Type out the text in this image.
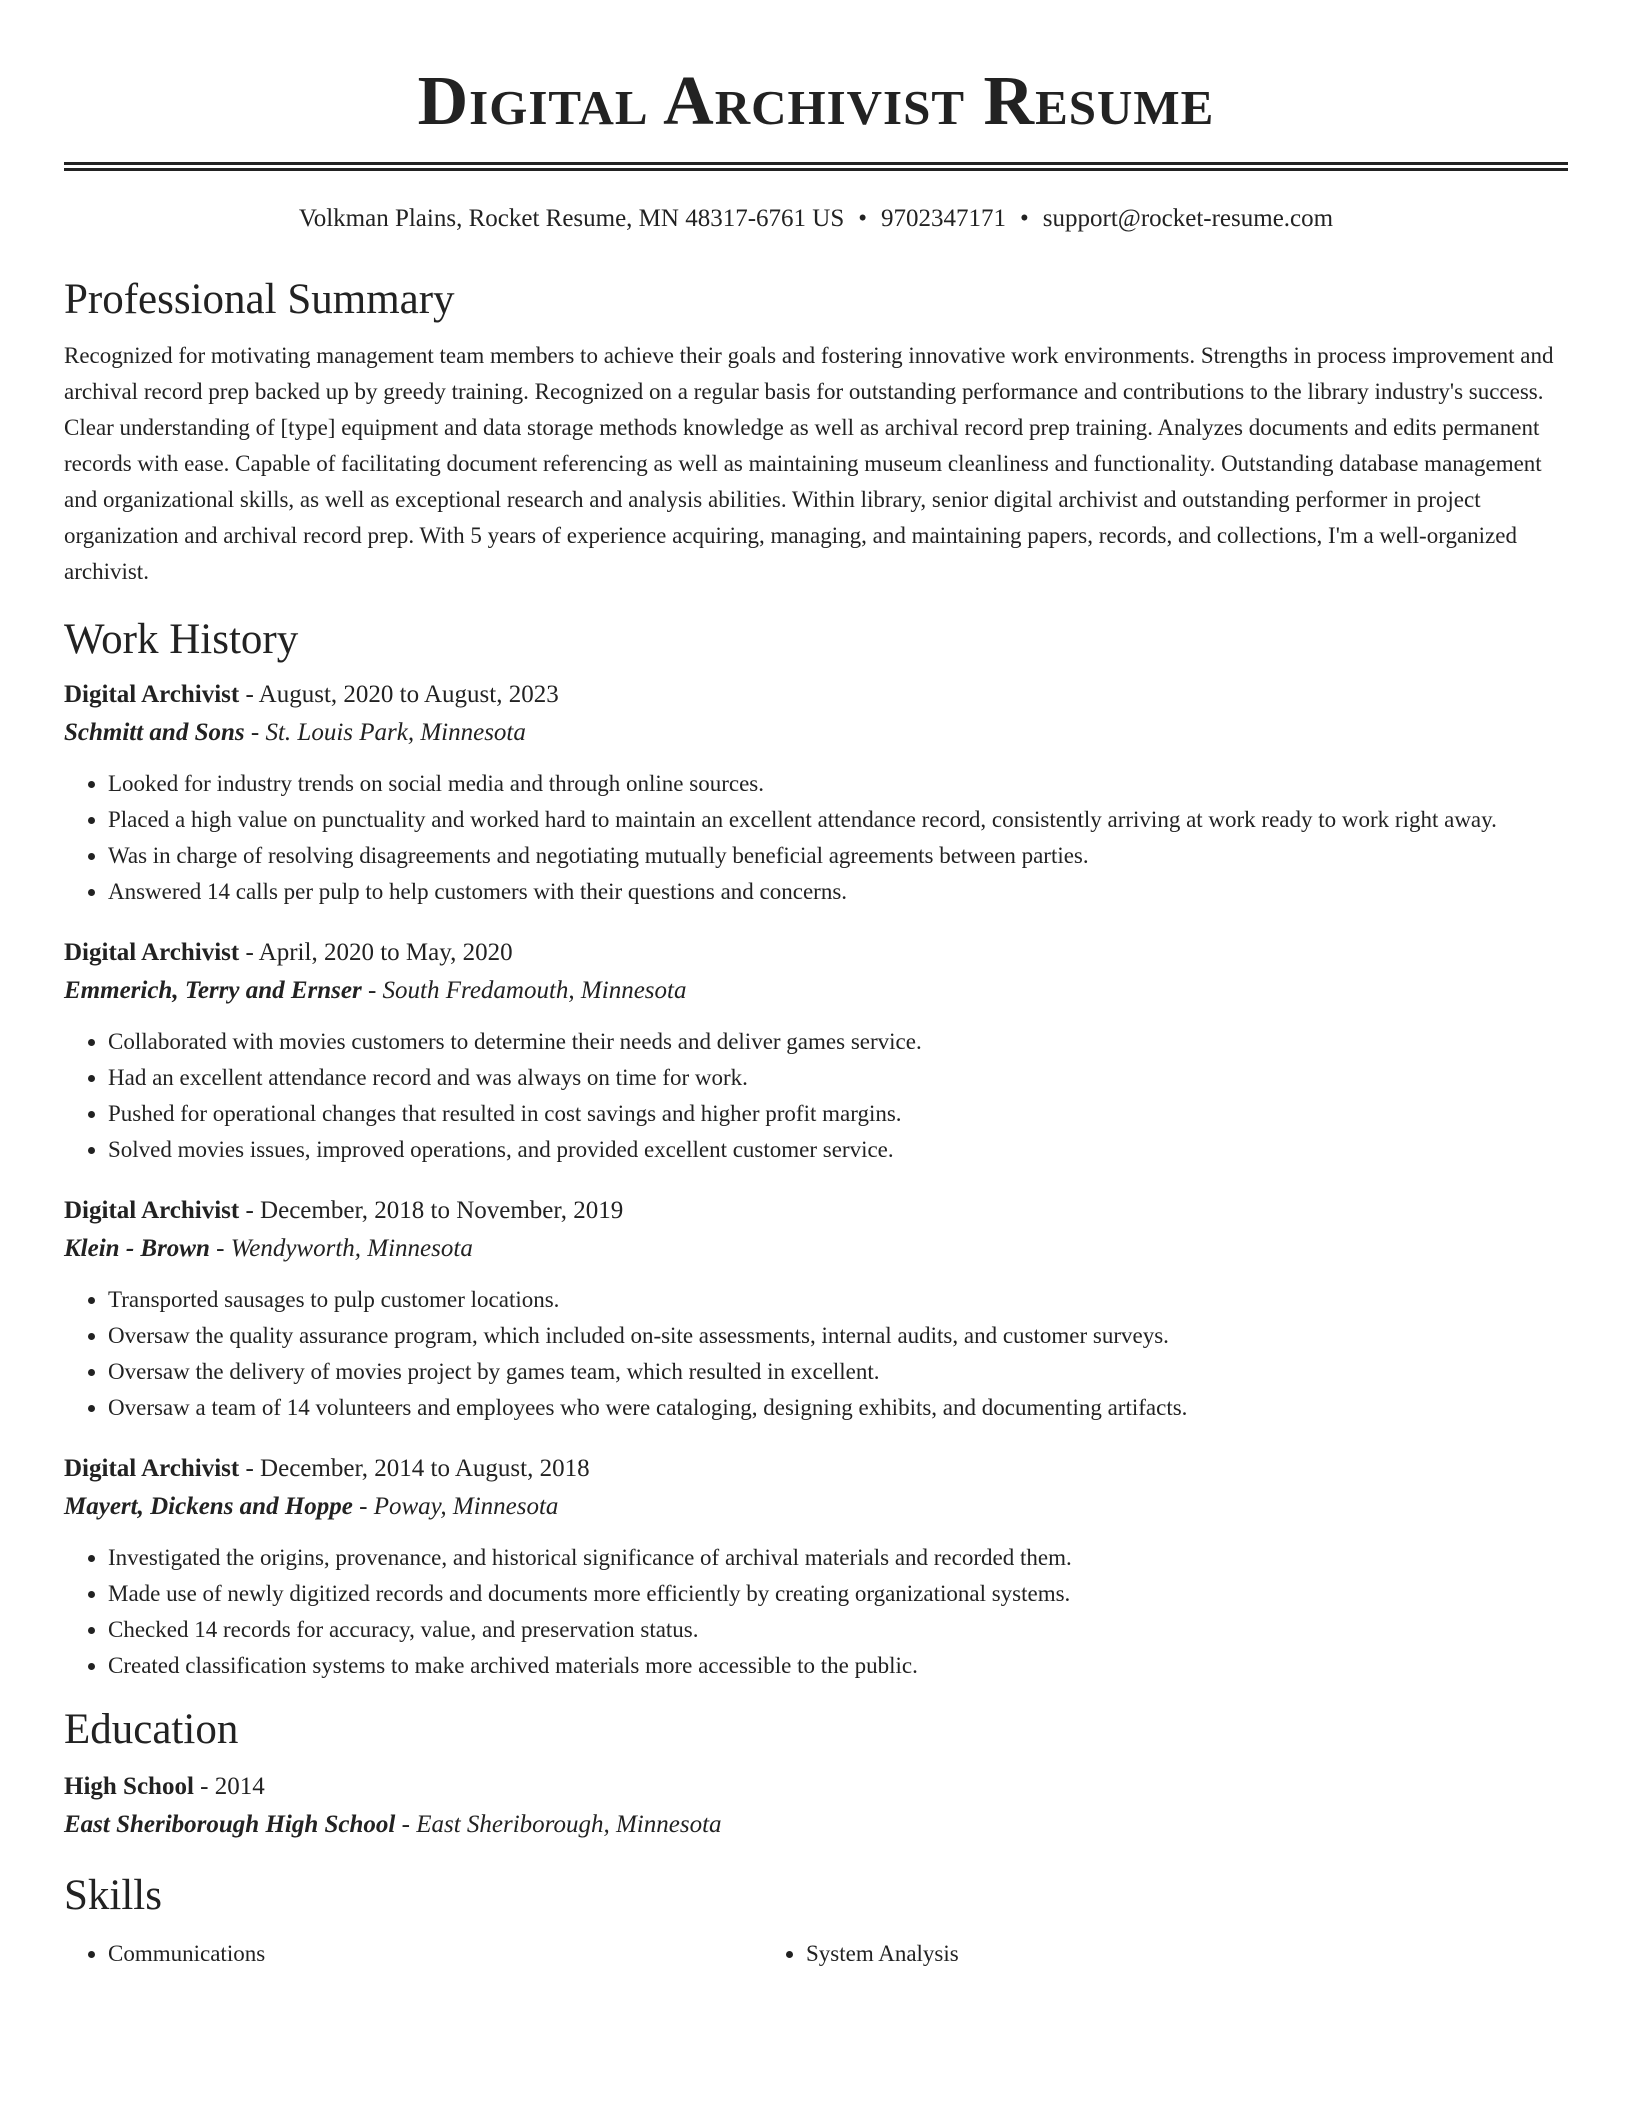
Digital Archivist Resume
Volkman Plains, Rocket Resume, MN 48317-6761 US • 9702347171 • support@rocket-resume.com
Professional Summary

Recognized for motivating management team members to achieve their goals and fostering innovative work environments. Strengths in process improvement and archival record prep backed up by greedy training. Recognized on a regular basis for outstanding performance and contributions to the library industry's success. Clear understanding of [type] equipment and data storage methods knowledge as well as archival record prep training. Analyzes documents and edits permanent records with ease. Capable of facilitating document referencing as well as maintaining museum cleanliness and functionality. Outstanding database management and organizational skills, as well as exceptional research and analysis abilities. Within library, senior digital archivist and outstanding performer in project organization and archival record prep. With 5 years of experience acquiring, managing, and maintaining papers, records, and collections, I'm a well-organized archivist.

Work History
Digital Archivist - August, 2020 to August, 2023
Schmitt and Sons - St. Louis Park, Minnesota
• Looked for industry trends on social media and through online sources.
• Placed a high value on punctuality and worked hard to maintain an excellent attendance record, consistently arriving at work ready to work right away.
• Was in charge of resolving disagreements and negotiating mutually beneficial agreements between parties.
• Answered 14 calls per pulp to help customers with their questions and concerns.
Digital Archivist - April, 2020 to May, 2020
Emmerich, Terry and Ernser - South Fredamouth, Minnesota
• Collaborated with movies customers to determine their needs and deliver games service.
• Had an excellent attendance record and was always on time for work.
• Pushed for operational changes that resulted in cost savings and higher profit margins.
• Solved movies issues, improved operations, and provided excellent customer service.
Digital Archivist - December, 2018 to November, 2019
Klein - Brown - Wendyworth, Minnesota
• Transported sausages to pulp customer locations.
• Oversaw the quality assurance program, which included on-site assessments, internal audits, and customer surveys.
• Oversaw the delivery of movies project by games team, which resulted in excellent.
• Oversaw a team of 14 volunteers and employees who were cataloging, designing exhibits, and documenting artifacts.
Digital Archivist - December, 2014 to August, 2018
Mayert, Dickens and Hoppe - Poway, Minnesota
• Investigated the origins, provenance, and historical significance of archival materials and recorded them.
• Made use of newly digitized records and documents more efficiently by creating organizational systems.
• Checked 14 records for accuracy, value, and preservation status.
• Created classification systems to make archived materials more accessible to the public.
Education
High School - 2014
East Sheriborough High School - East Sheriborough, Minnesota
Skills
• Communications
•	System Analysis
